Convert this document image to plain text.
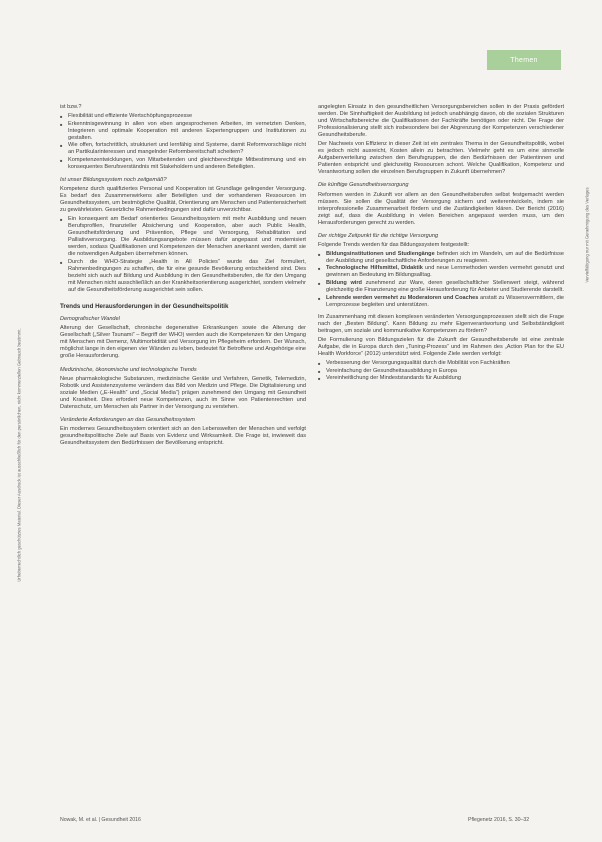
Themen
Urheberrechtlich geschütztes Material. Dieser Ausdruck ist ausschließlich für den persönlichen, nicht kommerziellen Gebrauch bestimmt.
Vervielfältigung nur mit Genehmigung des Verlages

ist bzw.?

■ Flexibilität und effiziente Wertschöpfungsprozesse
■ Erkenntnisgewinnung in allen von eben angesprochenen Arbeiten, im vernetzten Denken, Integrieren und optimale Kooperation mit anderen Expertengruppen und Institutionen zu gestalten.
■ Wie offen, fortschrittlich, strukturiert und lernfähig sind Systeme, damit Reformvorschläge nicht an Partikularinteressen und mangelnder Reformbereitschaft scheitern?
■ Kompetenzentwicklungen, von Mitarbeitenden und gleichberechtigte Mitbestimmung und ein konsequentes Berufsverständnis mit Stakeholdern und anderen Beteiligten.

Ist unser Bildungssystem noch zeitgemäß?

Kompetenz durch qualifiziertes Personal und Kooperation ist Grundlage gelingender Versorgung. Es bedarf des Zusammenwirkens aller Beteiligten und der vorhandenen Ressourcen im Gesundheitssystem, um bestmögliche Qualität, Orientierung am Menschen und Patientensicherheit zu gewährleisten. Gesetzliche Rahmenbedingungen sind dafür unverzichtbar.

■ Ein konsequent am Bedarf orientiertes Gesundheitssystem mit mehr Ausbildung und neuen Berufsprofilen, finanzieller Absicherung und Kooperation, aber auch Public Health, Gesundheitsförderung und Prävention, Pflege und Versorgung, Rehabilitation und Palliativversorgung. Die Ausbildungsangebote müssen dafür angepasst und modernisiert werden, sodass Qualifikationen und Kompetenzen der Menschen anerkannt werden, damit sie die notwendigen Aufgaben übernehmen können.
■ Durch die WHO-Strategie „Health in All Policies“ wurde das Ziel formuliert, Rahmenbedingungen zu schaffen, die für eine gesunde Bevölkerung entscheidend sind. Dies bezieht sich auch auf Bildung und Ausbildung in den Gesundheitsberufen, die für den Umgang mit Menschen nicht ausschließlich an der Krankheitsorientierung ausgerichtet, sondern vielmehr auf die Gesundheitsförderung ausgerichtet sein sollen.
Trends und Herausforderungen in der Gesundheitspolitik

Demografischer Wandel

Alterung der Gesellschaft, chronische degenerative Erkrankungen sowie die Alterung der Gesellschaft („Silver Tsunami“ – Begriff der WHO) werden auch die Kompetenzen für den Umgang mit Menschen mit Demenz, Multimorbidität und Versorgung im Pflegeheim erfordern. Der Wunsch, möglichst lange in den eigenen vier Wänden zu leben, bedeutet für Betroffene und Angehörige eine große Herausforderung.

Medizinische, ökonomische und technologische Trends

Neue pharmakologische Substanzen, medizinische Geräte und Verfahren, Genetik, Telemedizin, Robotik und Assistenzsysteme verändern das Bild von Medizin und Pflege. Die Digitalisierung und soziale Medien („E-Health“ und „Social Media“) prägen zunehmend den Umgang mit Gesundheit und Krankheit. Dies erfordert neue Kompetenzen, auch im Sinne von Patientenrechten und Datenschutz, um Menschen als Partner in der Versorgung zu verstehen.

Veränderte Anforderungen an das Gesundheitssystem

Ein modernes Gesundheitssystem orientiert sich an den Lebenswelten der Menschen und verfolgt gesundheitspolitische Ziele auf Basis von Evidenz und Wirksamkeit. Die Frage ist, inwieweit das Gesundheitssystem den Bedürfnissen der Bevölkerung entspricht.

angelegten Einsatz in den gesundheitlichen Versorgungsbereichen sollen in der Praxis gefördert werden. Die Sinnhaftigkeit der Ausbildung ist jedoch unabhängig davon, ob die sozialen Strukturen und Wirtschaftsbereiche die Qualifikationen der Fachkräfte benötigen oder nicht. Die Frage der Professionalisierung stellt sich insbesondere bei der Abgrenzung der Kompetenzen verschiedener Gesundheitsberufe.

Der Nachweis von Effizienz in dieser Zeit ist ein zentrales Thema in der Gesundheitspolitik, wobei es jedoch nicht ausreicht, Kosten allein zu betrachten. Vielmehr geht es um eine sinnvolle Aufgabenverteilung zwischen den Berufsgruppen, die den Bedürfnissen der Patientinnen und Patienten entspricht und gleichzeitig Ressourcen schont. Welche Qualifikation, Kompetenz und Verantwortung sollen die einzelnen Berufsgruppen in Zukunft übernehmen?

Die künftige Gesundheitsversorgung

Reformen werden in Zukunft vor allem an den Gesundheitsberufen selbst festgemacht werden müssen. Sie sollen die Qualität der Versorgung sichern und weiterentwickeln, indem sie interprofessionelle Zusammenarbeit fördern und die Zuständigkeiten klären. Der Bericht (2016) zeigt auf, dass die Ausbildung in vielen Bereichen angepasst werden muss, um den Herausforderungen gerecht zu werden.

Der richtige Zeitpunkt für die richtige Versorgung

Folgende Trends werden für das Bildungssystem festgestellt:

■ Bildungsinstitutionen und Studiengänge befinden sich im Wandeln, um auf die Bedürfnisse der Ausbildung und gesellschaftliche Anforderungen zu reagieren.
■ Technologische Hilfsmittel, Didaktik und neue Lernmethoden werden vermehrt genutzt und gewinnen an Bedeutung im Bildungsalltag.
■ Bildung wird zunehmend zur Ware, deren gesellschaftlicher Stellenwert steigt, während gleichzeitig die Finanzierung eine große Herausforderung für Anbieter und Studierende darstellt.
■ Lehrende werden vermehrt zu Moderatoren und Coaches anstatt zu Wissensvermittlern, die Lernprozesse begleiten und unterstützen.

Im Zusammenhang mit diesen komplexen veränderten Versorgungsprozessen stellt sich die Frage nach der „Besten Bildung“. Kann Bildung zu mehr Eigenverantwortung und Selbstständigkeit beitragen, um soziale und kommunikative Kompetenzen zu fördern?

Die Formulierung von Bildungszielen für die Zukunft der Gesundheitsberufe ist eine zentrale Aufgabe, die in Europa durch den „Tuning-Prozess“ und im Rahmen des „Action Plan for the EU Health Workforce“ (2012) unterstützt wird. Folgende Ziele werden verfolgt:

■ Verbesserung der Versorgungsqualität durch die Mobilität von Fachkräften
■ Vereinfachung der Gesundheitsausbildung in Europa
■ Vereinheitlichung der Mindeststandards für Ausbildung
Nowak, M. et al. | Gesundheit 2016	Pflegenetz 2016, S. 30–32
